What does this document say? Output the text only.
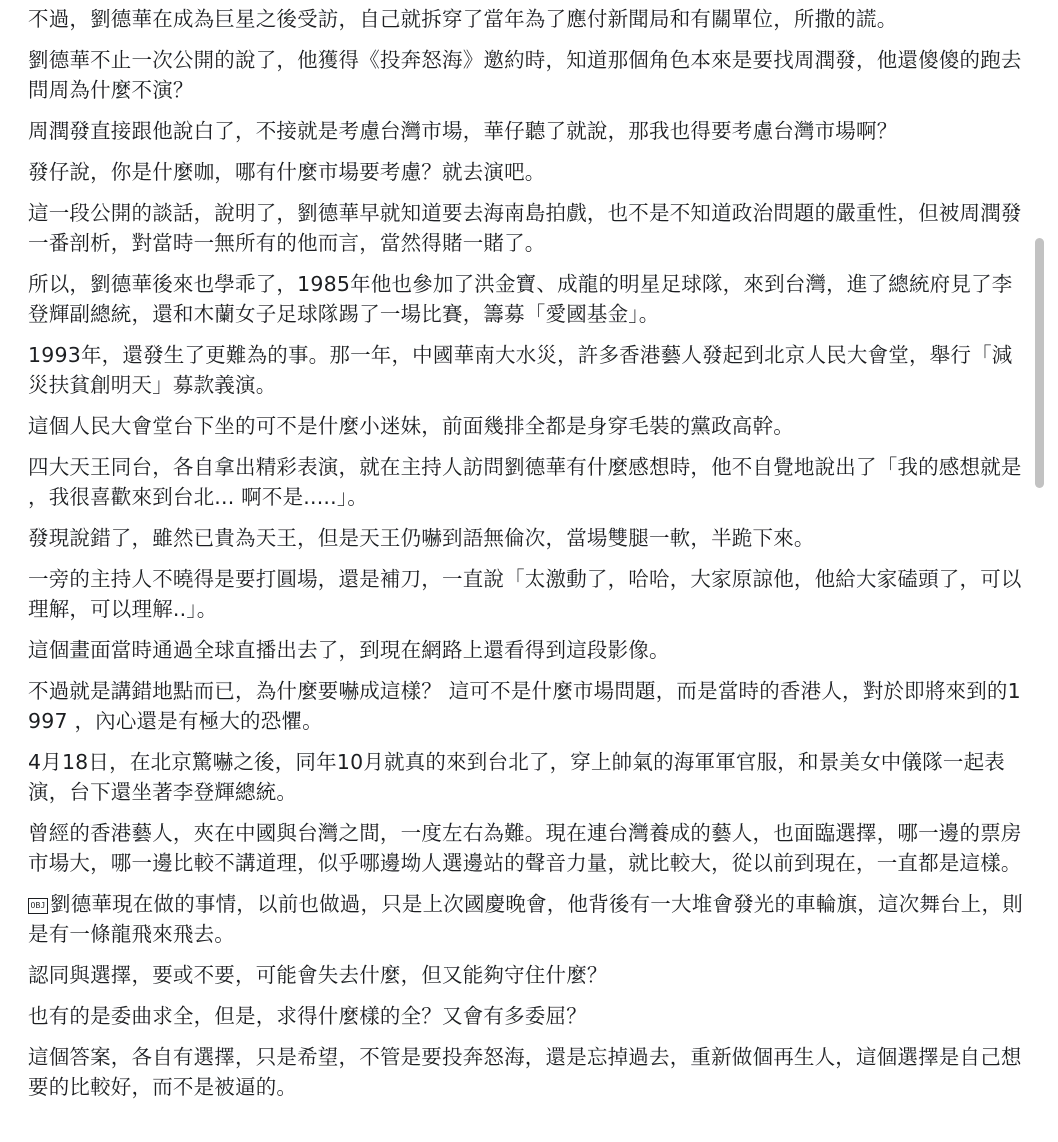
不過，劉德華在成為巨星之後受訪，自己就拆穿了當年為了應付新聞局和有關單位，所撒的謊。

劉德華不止一次公開的說了，他獲得《投奔怒海》邀約時，知道那個角色本來是要找周潤發，他還傻傻的跑去問周為什麼不演？

周潤發直接跟他說白了，不接就是考慮台灣市場，華仔聽了就說，那我也得要考慮台灣市場啊？

發仔說，你是什麼咖，哪有什麼市場要考慮？就去演吧。

這一段公開的談話，說明了，劉德華早就知道要去海南島拍戲，也不是不知道政治問題的嚴重性，但被周潤發一番剖析，對當時一無所有的他而言，當然得賭一賭了。

所以，劉德華後來也學乖了，1985年他也參加了洪金寶、成龍的明星足球隊，來到台灣，進了總統府見了李登輝副總統，還和木蘭女子足球隊踢了一場比賽，籌募「愛國基金」。

1993年，還發生了更難為的事。那一年，中國華南大水災，許多香港藝人發起到北京人民大會堂，舉行「減災扶貧創明天」募款義演。

這個人民大會堂台下坐的可不是什麼小迷妹，前面幾排全都是身穿毛裝的黨政高幹。

四大天王同台，各自拿出精彩表演，就在主持人訪問劉德華有什麼感想時，他不自覺地說出了「我的感想就是 ，我很喜歡來到台北... 啊不是.....」。

發現說錯了，雖然已貴為天王，但是天王仍嚇到語無倫次，當場雙腿一軟，半跪下來。

一旁的主持人不曉得是要打圓場，還是補刀，一直說「太激動了，哈哈，大家原諒他，他給大家磕頭了，可以理解，可以理解..」。

這個畫面當時通過全球直播出去了，到現在網路上還看得到這段影像。

不過就是講錯地點而已，為什麼要嚇成這樣？ 這可不是什麼市場問題，而是當時的香港人，對於即將來到的1997 ，內心還是有極大的恐懼。

4月18日，在北京驚嚇之後，同年10月就真的來到台北了，穿上帥氣的海軍軍官服，和景美女中儀隊一起表演，台下還坐著李登輝總統。

曾經的香港藝人，夾在中國與台灣之間，一度左右為難。現在連台灣養成的藝人，也面臨選擇，哪一邊的票房市場大，哪一邊比較不講道理，似乎哪邊坳人選邊站的聲音力量，就比較大，從以前到現在，一直都是這樣。

OBJ 劉德華現在做的事情，以前也做過，只是上次國慶晚會，他背後有一大堆會發光的車輪旗，這次舞台上，則是有一條龍飛來飛去。

認同與選擇，要或不要，可能會失去什麼，但又能夠守住什麼？

也有的是委曲求全，但是，求得什麼樣的全？又會有多委屈？

這個答案，各自有選擇，只是希望，不管是要投奔怒海，還是忘掉過去，重新做個再生人，這個選擇是自己想要的比較好，而不是被逼的。
